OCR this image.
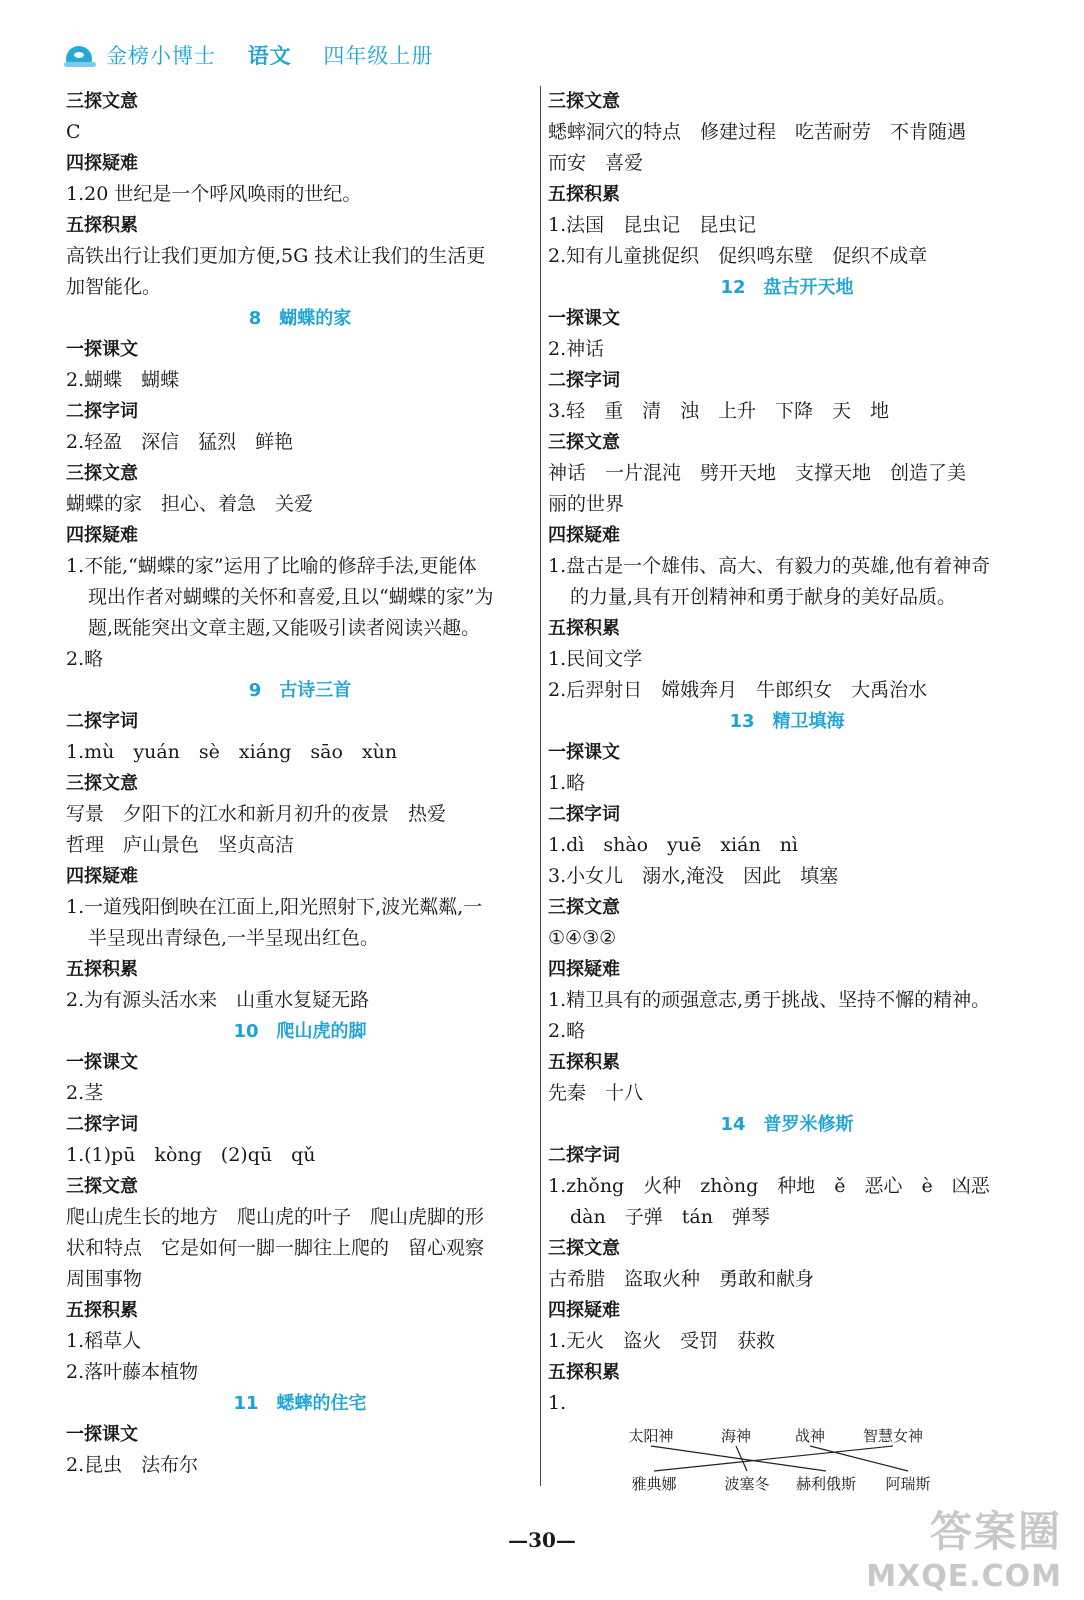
金榜小博士 语文 四年级上册
三探文意
C
四探疑难
1.20 世纪是一个呼风唤雨的世纪。
五探积累
高铁出行让我们更加方便,5G 技术让我们的生活更
加智能化。
8 蝴蝶的家
一探课文
2.蝴蝶　蝴蝶
二探字词
2.轻盈　深信　猛烈　鲜艳
三探文意
蝴蝶的家　担心、着急　关爱
四探疑难
1.不能,“蝴蝶的家”运用了比喻的修辞手法,更能体
现出作者对蝴蝶的关怀和喜爱,且以“蝴蝶的家”为
题,既能突出文章主题,又能吸引读者阅读兴趣。
2.略
9 古诗三首
二探字词
1.mù　yuán　sè　xiáng　sāo　xùn
三探文意
写景　夕阳下的江水和新月初升的夜景　热爱
哲理　庐山景色　坚贞高洁
四探疑难
1.一道残阳倒映在江面上,阳光照射下,波光粼粼,一
半呈现出青绿色,一半呈现出红色。
五探积累
2.为有源头活水来　山重水复疑无路
10 爬山虎的脚
一探课文
2.茎
二探字词
1.(1)pū　kòng　(2)qū　qǔ
三探文意
爬山虎生长的地方　爬山虎的叶子　爬山虎脚的形
状和特点　它是如何一脚一脚往上爬的　留心观察
周围事物
五探积累
1.稻草人
2.落叶藤本植物
11 蟋蟀的住宅
一探课文
2.昆虫　法布尔
三探文意
蟋蟀洞穴的特点　修建过程　吃苦耐劳　不肯随遇
而安　喜爱
五探积累
1.法国　昆虫记　昆虫记
2.知有儿童挑促织　促织鸣东壁　促织不成章
12 盘古开天地
一探课文
2.神话
二探字词
3.轻　重　清　浊　上升　下降　天　地
三探文意
神话　一片混沌　劈开天地　支撑天地　创造了美
丽的世界
四探疑难
1.盘古是一个雄伟、高大、有毅力的英雄,他有着神奇
的力量,具有开创精神和勇于献身的美好品质。
五探积累
1.民间文学
2.后羿射日　嫦娥奔月　牛郎织女　大禹治水
13 精卫填海
一探课文
1.略
二探字词
1.dì　shào　yuē　xián　nì
3.小女儿　溺水,淹没　因此　填塞
三探文意
①④③②
四探疑难
1.精卫具有的顽强意志,勇于挑战、坚持不懈的精神。
2.略
五探积累
先秦　十八
14 普罗米修斯
二探字词
1.zhǒng　火种　zhòng　种地　ě　恶心　è　凶恶
dàn　子弹　tán　弹琴
三探文意
古希腊　盗取火种　勇敢和献身
四探疑难
1.无火　盗火　受罚　获救
五探积累
1.
太阳神	海神	战神	智慧女神
雅典娜	波塞冬 赫利俄斯 阿瑞斯
—30—	答案圈
MXQE.COM
